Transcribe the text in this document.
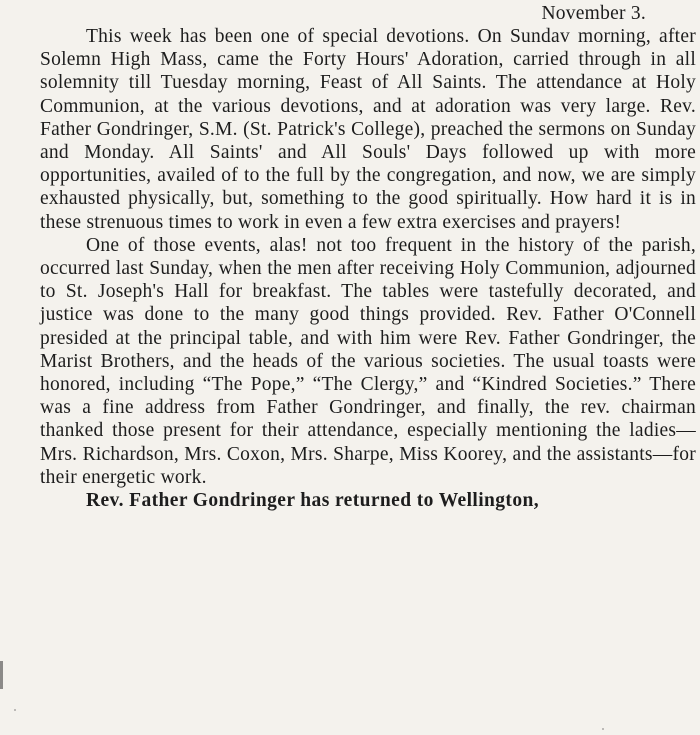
November 3.

This week has been one of special devotions. On Sundav morning, after Solemn High Mass, came the Forty Hours' Adoration, carried through in all solemnity till Tuesday morning, Feast of All Saints. The attendance at Holy Communion, at the various devotions, and at adoration was very large. Rev. Father Gondringer, S.M. (St. Patrick's College), preached the sermons on Sunday and Monday. All Saints' and All Souls' Days followed up with more opportunities, availed of to the full by the congregation, and now, we are simply exhausted physically, but, something to the good spiritually. How hard it is in these strenuous times to work in even a few extra exercises and prayers!

One of those events, alas! not too frequent in the history of the parish, occurred last Sunday, when the men after receiving Holy Communion, adjourned to St. Joseph's Hall for breakfast. The tables were tastefully decorated, and justice was done to the many good things provided. Rev. Father O'Connell presided at the principal table, and with him were Rev. Father Gondringer, the Marist Brothers, and the heads of the various societies. The usual toasts were honored, including “The Pope,” “The Clergy,” and “Kindred Societies.” There was a fine address from Father Gondringer, and finally, the rev. chairman thanked those present for their attendance, especially mentioning the ladies—Mrs. Richardson, Mrs. Coxon, Mrs. Sharpe, Miss Koorey, and the assistants—for their energetic work.

Rev. Father Gondringer has returned to Wellington,
